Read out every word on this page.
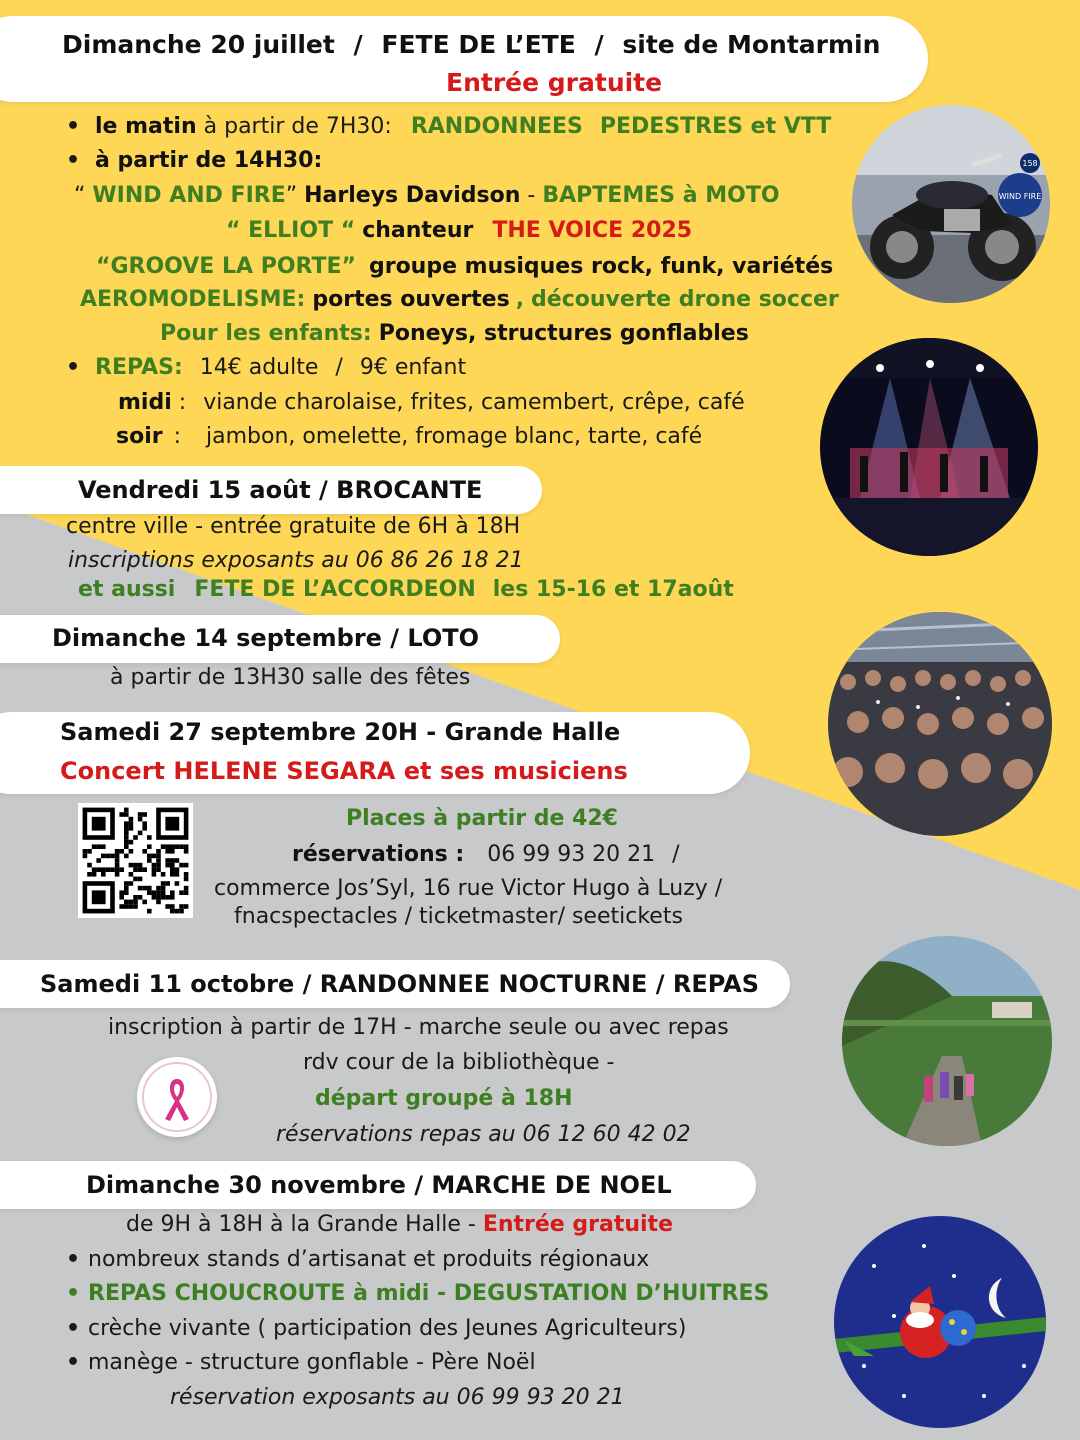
Dimanche 20 juillet / FETE DE L’ETE / site de Montarmin
Entrée gratuite
• le matin à partir de 7H30: RANDONNEES PEDESTRES et VTT
• à partir de 14H30:
“ WIND AND FIRE” Harleys Davidson - BAPTEMES à MOTO
“ ELLIOT “ chanteur THE VOICE 2025
“GROOVE LA PORTE” groupe musiques rock, funk, variétés
AEROMODELISME: portes ouvertes , découverte drone soccer
Pour les enfants: Poneys, structures gonflables
• REPAS: 14€ adulte / 9€ enfant
midi : viande charolaise, frites, camembert, crêpe, café
soir : jambon, omelette, fromage blanc, tarte, café
Vendredi 15 août / BROCANTE
centre ville - entrée gratuite de 6H à 18H
inscriptions exposants au 06 86 26 18 21
et aussi FETE DE L’ACCORDEON les 15-16 et 17août
Dimanche 14 septembre / LOTO
à partir de 13H30 salle des fêtes
Samedi 27 septembre 20H - Grande Halle
Concert HELENE SEGARA et ses musiciens
Places à partir de 42€
réservations : 06 99 93 20 21 /
commerce Jos’Syl, 16 rue Victor Hugo à Luzy /
fnacspectacles / ticketmaster/ seetickets
Samedi 11 octobre / RANDONNEE NOCTURNE / REPAS
inscription à partir de 17H - marche seule ou avec repas
rdv cour de la bibliothèque -
départ groupé à 18H
réservations repas au 06 12 60 42 02
Dimanche 30 novembre / MARCHE DE NOEL
de 9H à 18H à la Grande Halle - Entrée gratuite
• nombreux stands d’artisanat et produits régionaux
• REPAS CHOUCROUTE à midi - DEGUSTATION D’HUITRES
• crèche vivante ( participation des Jeunes Agriculteurs)
• manège - structure gonflable - Père Noël
réservation exposants au 06 99 93 20 21
WIND FIRE
158
